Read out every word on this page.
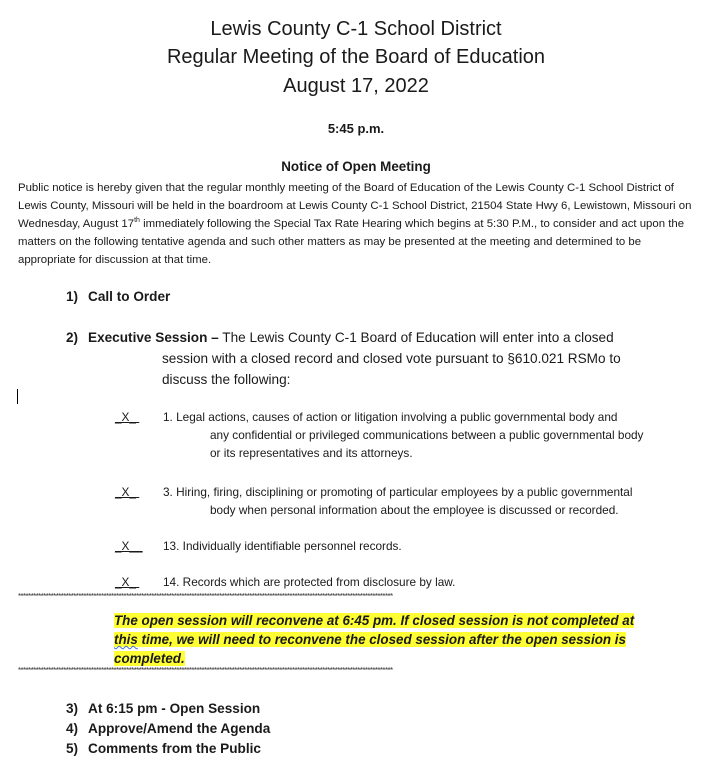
Lewis County C-1 School District
Regular Meeting of the Board of Education
August 17, 2022
5:45 p.m.
Notice of Open Meeting
Public notice is hereby given that the regular monthly meeting of the Board of Education of the Lewis County C-1 School District of Lewis County, Missouri will be held in the boardroom at Lewis County C-1 School District, 21504 State Hwy 6, Lewistown, Missouri on Wednesday, August 17th immediately following the Special Tax Rate Hearing which begins at 5:30 P.M., to consider and act upon the matters on the following tentative agenda and such other matters as may be presented at the meeting and determined to be appropriate for discussion at that time.
1) Call to Order
2) Executive Session – The Lewis County C-1 Board of Education will enter into a closed
session with a closed record and closed vote pursuant to §610.021 RSMo to
discuss the following:
_X_ 1. Legal actions, causes of action or litigation involving a public governmental body and
any confidential or privileged communications between a public governmental body
or its representatives and its attorneys.
_X_ 3. Hiring, firing, disciplining or promoting of particular employees by a public governmental
body when personal information about the employee is discussed or recorded.
_X__ 13. Individually identifiable personnel records.
_X_ 14. Records which are protected from disclosure by law.
*****************************************************************************************************************************************************
The open session will reconvene at 6:45 pm. If closed session is not completed at
this time, we will need to reconvene the closed session after the open session is
completed.
*****************************************************************************************************************************************************
3) At 6:15 pm - Open Session
4) Approve/Amend the Agenda
5) Comments from the Public
